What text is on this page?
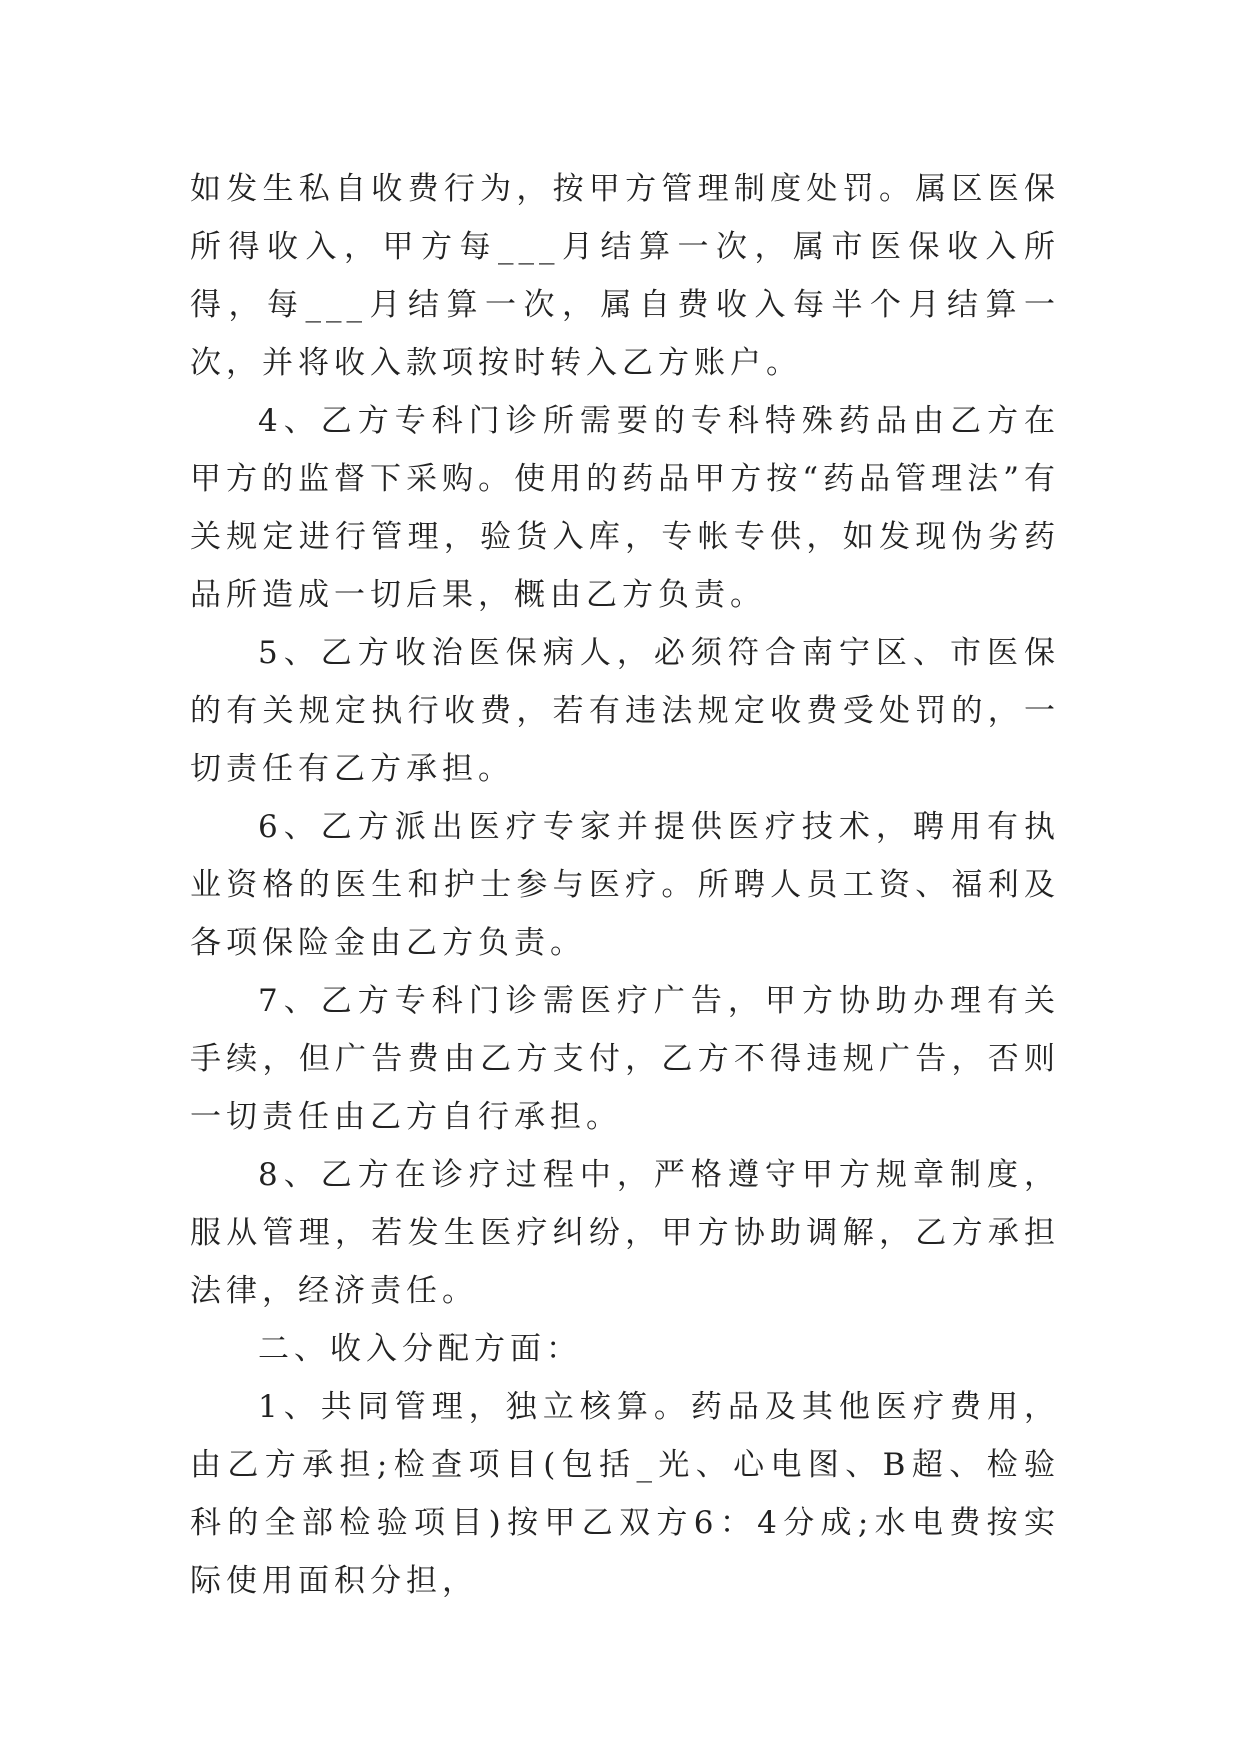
如发生私自收费行为，按甲方管理制度处罚。属区医保所得收入，甲方每___月结算一次，属市医保收入所得，每___月结算一次，属自费收入每半个月结算一次，并将收入款项按时转入乙方账户。

4、乙方专科门诊所需要的专科特殊药品由乙方在甲方的监督下采购。使用的药品甲方按“药品管理法”有关规定进行管理，验货入库，专帐专供，如发现伪劣药品所造成一切后果，概由乙方负责。

5、乙方收治医保病人，必须符合南宁区、市医保的有关规定执行收费，若有违法规定收费受处罚的，一切责任有乙方承担。

6、乙方派出医疗专家并提供医疗技术，聘用有执业资格的医生和护士参与医疗。所聘人员工资、福利及各项保险金由乙方负责。

7、乙方专科门诊需医疗广告，甲方协助办理有关手续，但广告费由乙方支付，乙方不得违规广告，否则一切责任由乙方自行承担。

8、乙方在诊疗过程中，严格遵守甲方规章制度，服从管理，若发生医疗纠纷，甲方协助调解，乙方承担法律，经济责任。

二、收入分配方面：

1、共同管理，独立核算。药品及其他医疗费用，由乙方承担;检查项目(包括_光、心电图、B超、检验科的全部检验项目)按甲乙双方6：4分成;水电费按实际使用面积分担，
